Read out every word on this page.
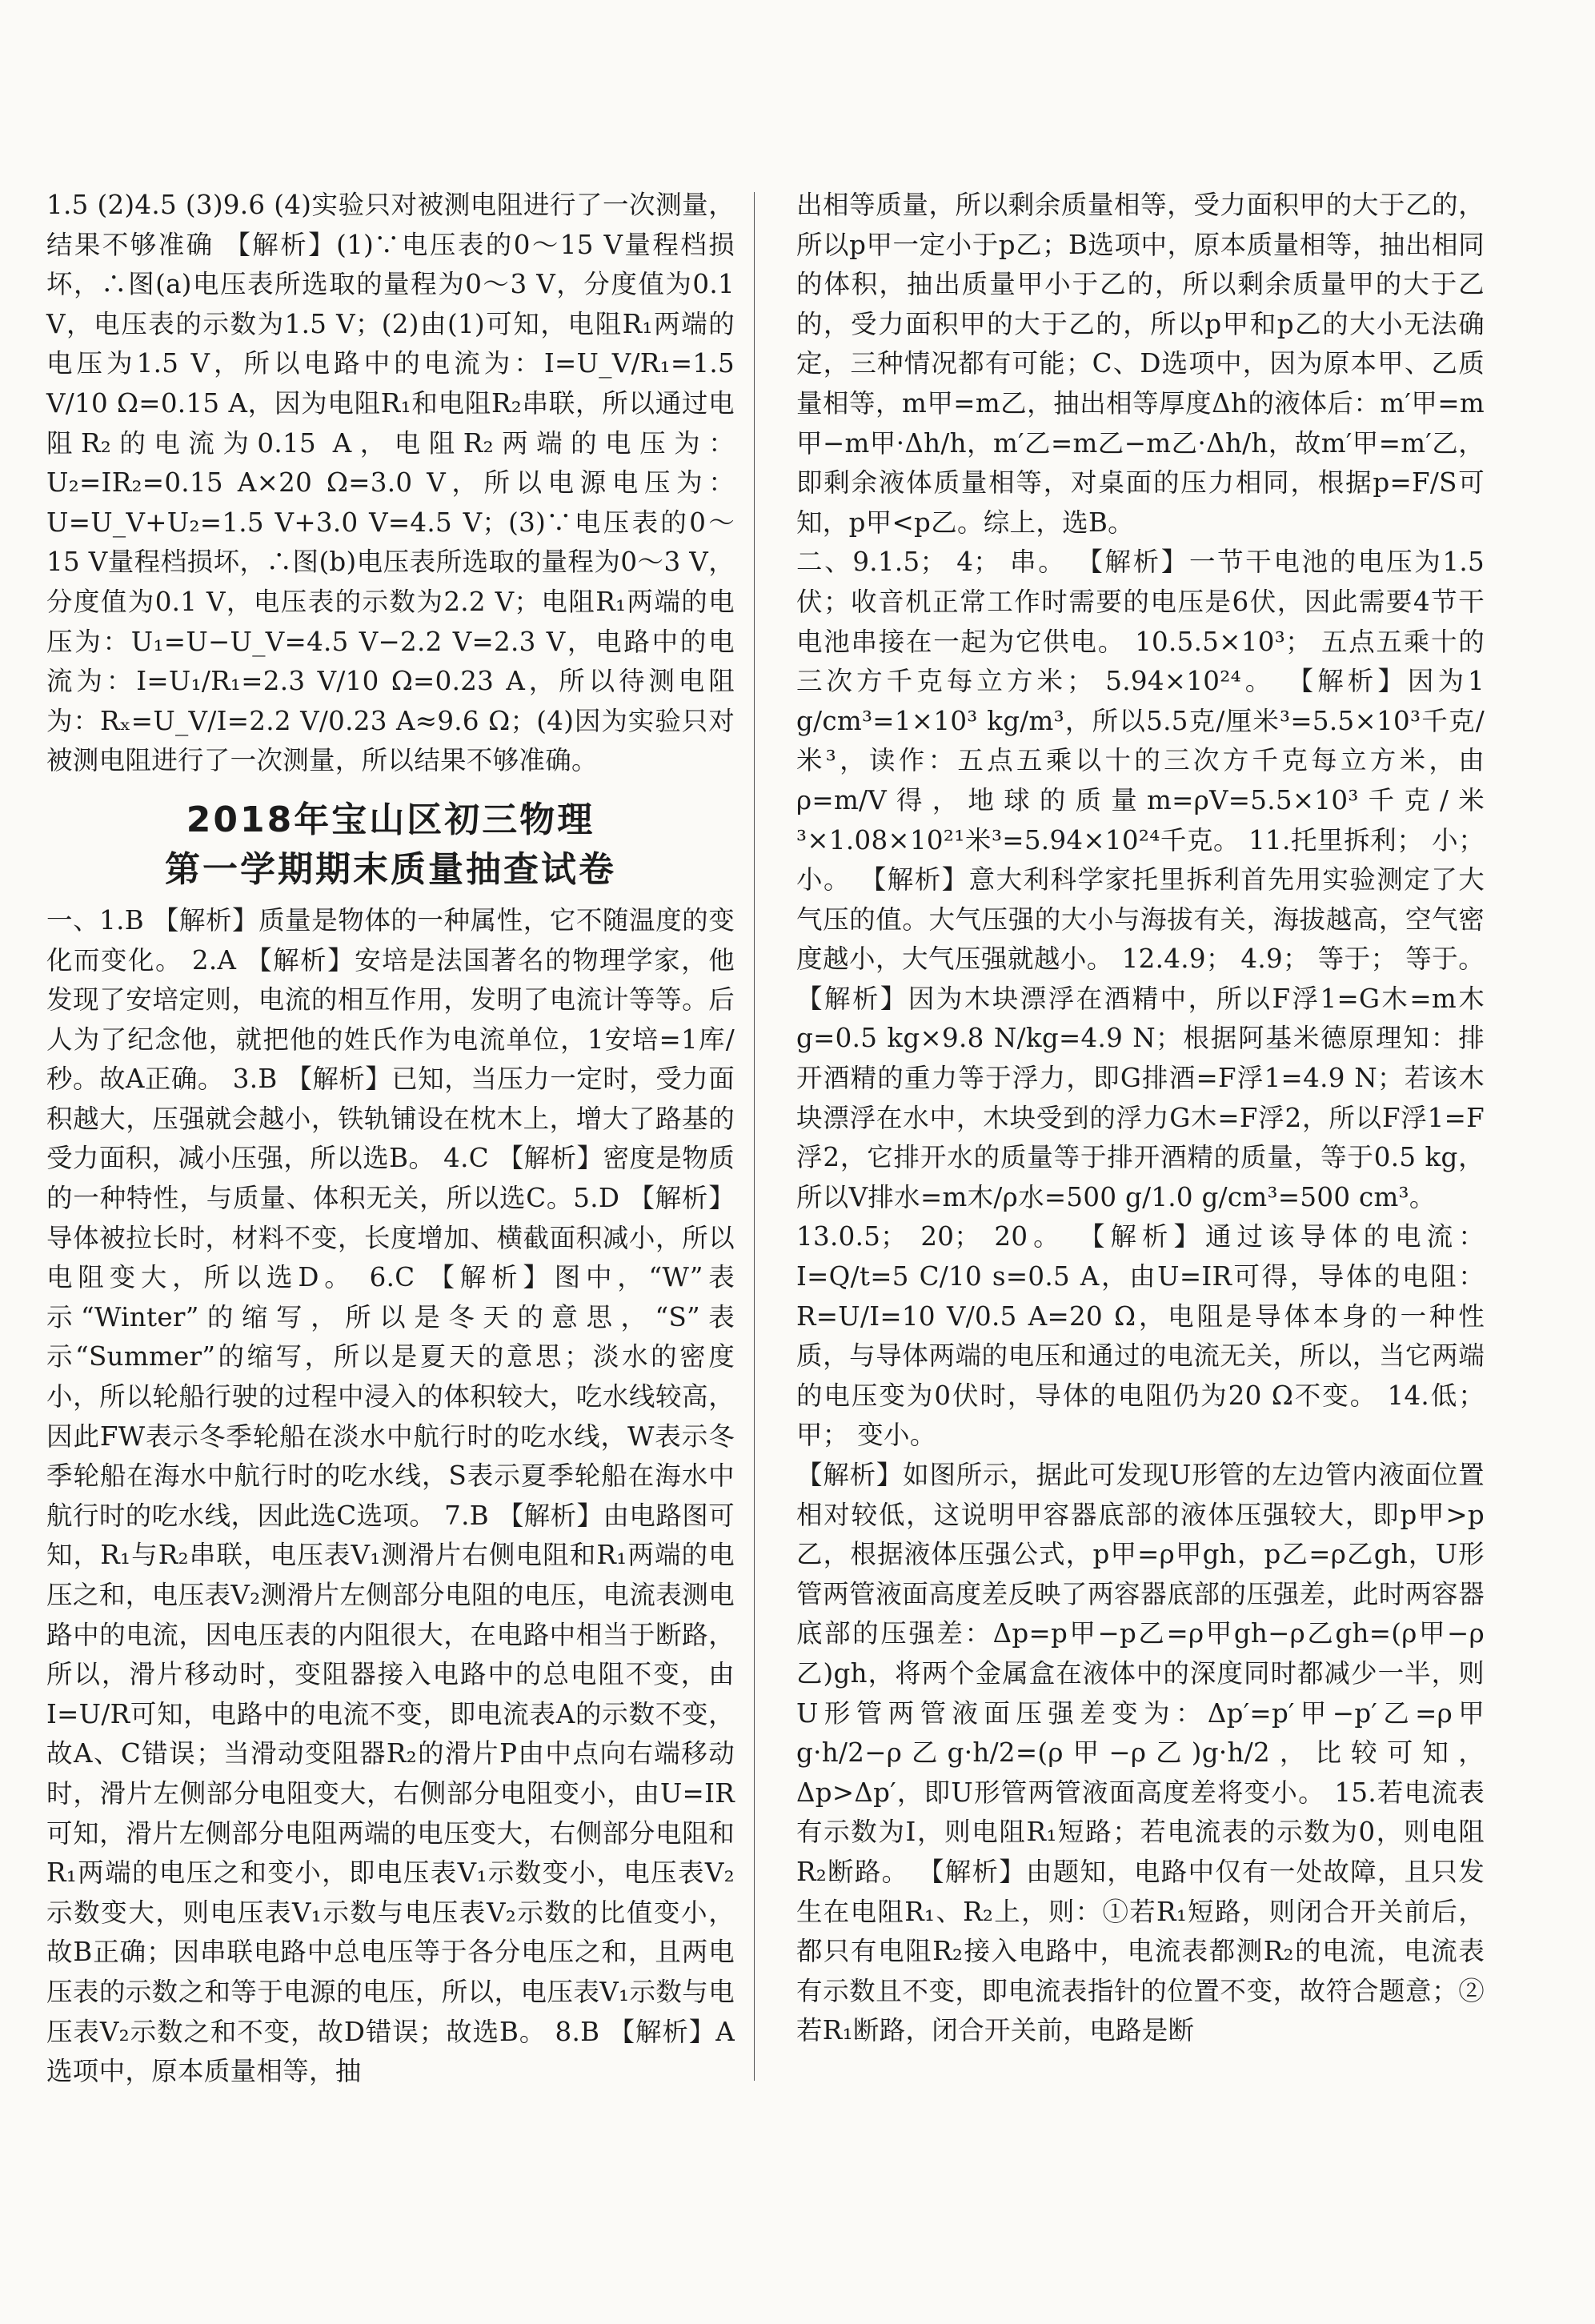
1.5 (2)4.5 (3)9.6 (4)实验只对被测电阻进行了一次测量，结果不够准确 【解析】(1)∵电压表的0～15 V量程档损坏，∴图(a)电压表所选取的量程为0～3 V，分度值为0.1 V，电压表的示数为1.5 V；(2)由(1)可知，电阻R₁两端的电压为1.5 V，所以电路中的电流为：I=U_V/R₁=1.5 V/10 Ω=0.15 A，因为电阻R₁和电阻R₂串联，所以通过电阻R₂的电流为0.15 A，电阻R₂两端的电压为：U₂=IR₂=0.15 A×20 Ω=3.0 V，所以电源电压为：U=U_V+U₂=1.5 V+3.0 V=4.5 V；(3)∵电压表的0～15 V量程档损坏，∴图(b)电压表所选取的量程为0～3 V，分度值为0.1 V，电压表的示数为2.2 V；电阻R₁两端的电压为：U₁=U−U_V=4.5 V−2.2 V=2.3 V，电路中的电流为：I=U₁/R₁=2.3 V/10 Ω=0.23 A，所以待测电阻为：Rₓ=U_V/I=2.2 V/0.23 A≈9.6 Ω；(4)因为实验只对被测电阻进行了一次测量，所以结果不够准确。

2018年宝山区初三物理
第一学期期末质量抽查试卷

一、1.B 【解析】质量是物体的一种属性，它不随温度的变化而变化。 2.A 【解析】安培是法国著名的物理学家，他发现了安培定则，电流的相互作用，发明了电流计等等。后人为了纪念他，就把他的姓氏作为电流单位，1安培=1库/秒。故A正确。 3.B 【解析】已知，当压力一定时，受力面积越大，压强就会越小，铁轨铺设在枕木上，增大了路基的受力面积，减小压强，所以选B。 4.C 【解析】密度是物质的一种特性，与质量、体积无关，所以选C。5.D 【解析】导体被拉长时，材料不变，长度增加、横截面积减小，所以电阻变大，所以选D。 6.C 【解析】图中，“W”表示“Winter”的缩写，所以是冬天的意思，“S”表示“Summer”的缩写，所以是夏天的意思；淡水的密度小，所以轮船行驶的过程中浸入的体积较大，吃水线较高，因此FW表示冬季轮船在淡水中航行时的吃水线，W表示冬季轮船在海水中航行时的吃水线，S表示夏季轮船在海水中航行时的吃水线，因此选C选项。 7.B 【解析】由电路图可知，R₁与R₂串联，电压表V₁测滑片右侧电阻和R₁两端的电压之和，电压表V₂测滑片左侧部分电阻的电压，电流表测电路中的电流，因电压表的内阻很大，在电路中相当于断路，所以，滑片移动时，变阻器接入电路中的总电阻不变，由I=U/R可知，电路中的电流不变，即电流表A的示数不变，故A、C错误；当滑动变阻器R₂的滑片P由中点向右端移动时，滑片左侧部分电阻变大，右侧部分电阻变小，由U=IR可知，滑片左侧部分电阻两端的电压变大，右侧部分电阻和R₁两端的电压之和变小，即电压表V₁示数变小，电压表V₂示数变大，则电压表V₁示数与电压表V₂示数的比值变小，故B正确；因串联电路中总电压等于各分电压之和，且两电压表的示数之和等于电源的电压，所以，电压表V₁示数与电压表V₂示数之和不变，故D错误；故选B。 8.B 【解析】A选项中，原本质量相等，抽

出相等质量，所以剩余质量相等，受力面积甲的大于乙的，所以p甲一定小于p乙；B选项中，原本质量相等，抽出相同的体积，抽出质量甲小于乙的，所以剩余质量甲的大于乙的，受力面积甲的大于乙的，所以p甲和p乙的大小无法确定，三种情况都有可能；C、D选项中，因为原本甲、乙质量相等，m甲=m乙，抽出相等厚度Δh的液体后：m′甲=m甲−m甲·Δh/h，m′乙=m乙−m乙·Δh/h，故m′甲=m′乙，即剩余液体质量相等，对桌面的压力相同，根据p=F/S可知，p甲<p乙。综上，选B。

二、9.1.5； 4； 串。 【解析】一节干电池的电压为1.5伏；收音机正常工作时需要的电压是6伏，因此需要4节干电池串接在一起为它供电。 10.5.5×10³； 五点五乘十的三次方千克每立方米； 5.94×10²⁴。 【解析】因为1 g/cm³=1×10³ kg/m³，所以5.5克/厘米³=5.5×10³千克/米³，读作：五点五乘以十的三次方千克每立方米，由ρ=m/V得，地球的质量m=ρV=5.5×10³千克/米³×1.08×10²¹米³=5.94×10²⁴千克。 11.托里拆利； 小； 小。 【解析】意大利科学家托里拆利首先用实验测定了大气压的值。大气压强的大小与海拔有关，海拔越高，空气密度越小，大气压强就越小。 12.4.9； 4.9； 等于； 等于。 【解析】因为木块漂浮在酒精中，所以F浮1=G木=m木g=0.5 kg×9.8 N/kg=4.9 N；根据阿基米德原理知：排开酒精的重力等于浮力，即G排酒=F浮1=4.9 N；若该木块漂浮在水中，木块受到的浮力G木=F浮2，所以F浮1=F浮2，它排开水的质量等于排开酒精的质量，等于0.5 kg，所以V排水=m木/ρ水=500 g/1.0 g/cm³=500 cm³。

13.0.5； 20； 20。 【解析】通过该导体的电流：I=Q/t=5 C/10 s=0.5 A，由U=IR可得，导体的电阻：R=U/I=10 V/0.5 A=20 Ω，电阻是导体本身的一种性质，与导体两端的电压和通过的电流无关，所以，当它两端的电压变为0伏时，导体的电阻仍为20 Ω不变。 14.低； 甲； 变小。

【解析】如图所示，据此可发现U形管的左边管内液面位置相对较低，这说明甲容器底部的液体压强较大，即p甲>p乙，根据液体压强公式，p甲=ρ甲gh，p乙=ρ乙gh，U形管两管液面高度差反映了两容器底部的压强差，此时两容器底部的压强差：Δp=p甲−p乙=ρ甲gh−ρ乙gh=(ρ甲−ρ乙)gh，将两个金属盒在液体中的深度同时都减少一半，则U形管两管液面压强差变为：Δp′=p′甲−p′乙=ρ甲g·h/2−ρ乙g·h/2=(ρ甲−ρ乙)g·h/2，比较可知，Δp>Δp′，即U形管两管液面高度差将变小。 15.若电流表有示数为I，则电阻R₁短路；若电流表的示数为0，则电阻R₂断路。 【解析】由题知，电路中仅有一处故障，且只发生在电阻R₁、R₂上，则：①若R₁短路，则闭合开关前后，都只有电阻R₂接入电路中，电流表都测R₂的电流，电流表有示数且不变，即电流表指针的位置不变，故符合题意；②若R₁断路，闭合开关前，电路是断
